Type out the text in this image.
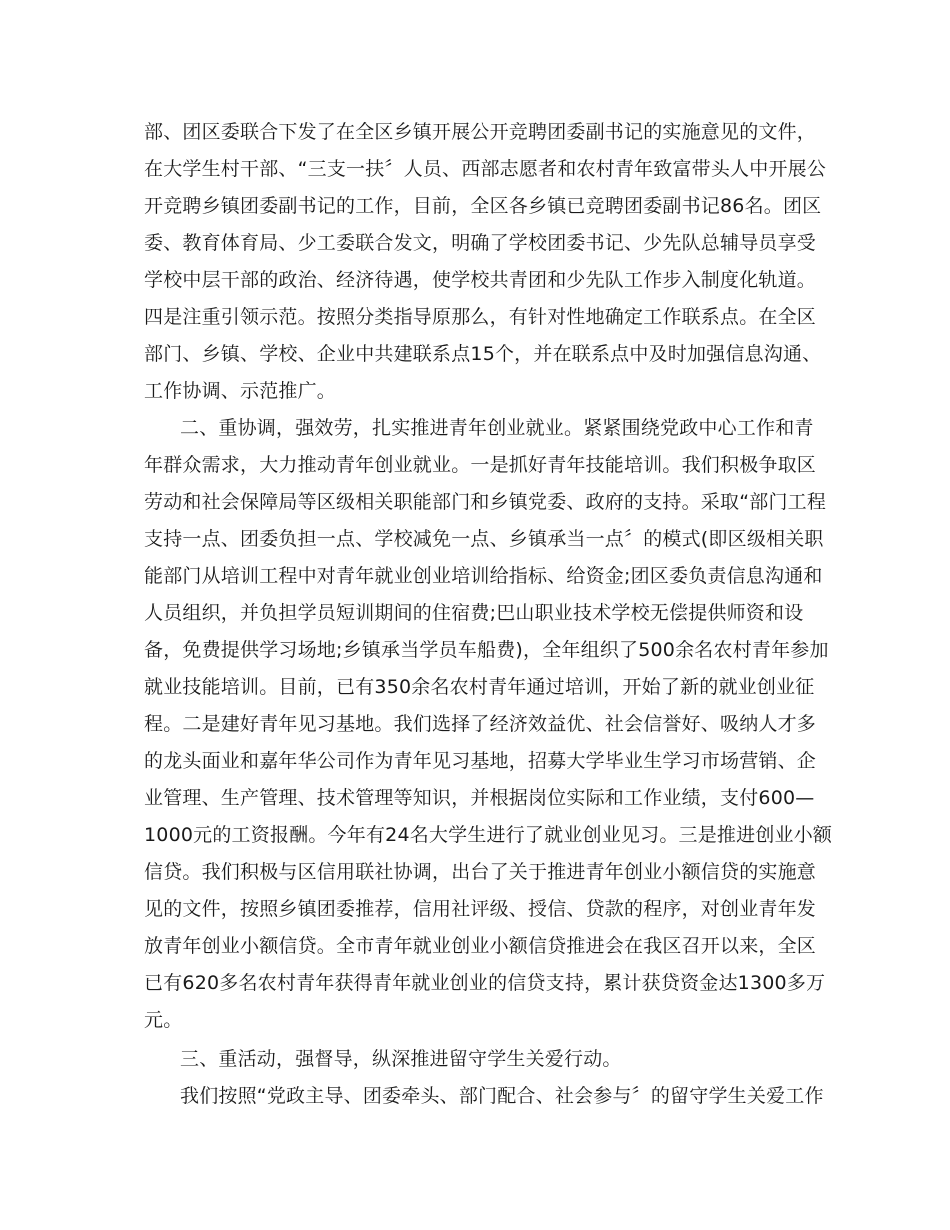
部、团区委联合下发了在全区乡镇开展公开竞聘团委副书记的实施意见的文件，
在大学生村干部、“三支一扶〞人员、西部志愿者和农村青年致富带头人中开展公
开竞聘乡镇团委副书记的工作，目前，全区各乡镇已竞聘团委副书记86名。团区
委、教育体育局、少工委联合发文，明确了学校团委书记、少先队总辅导员享受
学校中层干部的政治、经济待遇，使学校共青团和少先队工作步入制度化轨道。
四是注重引领示范。按照分类指导原那么，有针对性地确定工作联系点。在全区
部门、乡镇、学校、企业中共建联系点15个，并在联系点中及时加强信息沟通、
工作协调、示范推广。
二、重协调，强效劳，扎实推进青年创业就业。紧紧围绕党政中心工作和青
年群众需求，大力推动青年创业就业。一是抓好青年技能培训。我们积极争取区
劳动和社会保障局等区级相关职能部门和乡镇党委、政府的支持。采取“部门工程
支持一点、团委负担一点、学校减免一点、乡镇承当一点〞的模式(即区级相关职
能部门从培训工程中对青年就业创业培训给指标、给资金;团区委负责信息沟通和
人员组织，并负担学员短训期间的住宿费;巴山职业技术学校无偿提供师资和设
备，免费提供学习场地;乡镇承当学员车船费)，全年组织了500余名农村青年参加
就业技能培训。目前，已有350余名农村青年通过培训，开始了新的就业创业征
程。二是建好青年见习基地。我们选择了经济效益优、社会信誉好、吸纳人才多
的龙头面业和嘉年华公司作为青年见习基地，招募大学毕业生学习市场营销、企
业管理、生产管理、技术管理等知识，并根据岗位实际和工作业绩，支付600—
1000元的工资报酬。今年有24名大学生进行了就业创业见习。三是推进创业小额
信贷。我们积极与区信用联社协调，出台了关于推进青年创业小额信贷的实施意
见的文件，按照乡镇团委推荐，信用社评级、授信、贷款的程序，对创业青年发
放青年创业小额信贷。全市青年就业创业小额信贷推进会在我区召开以来，全区
已有620多名农村青年获得青年就业创业的信贷支持，累计获贷资金达1300多万
元。
三、重活动，强督导，纵深推进留守学生关爱行动。
我们按照“党政主导、团委牵头、部门配合、社会参与〞的留守学生关爱工作
